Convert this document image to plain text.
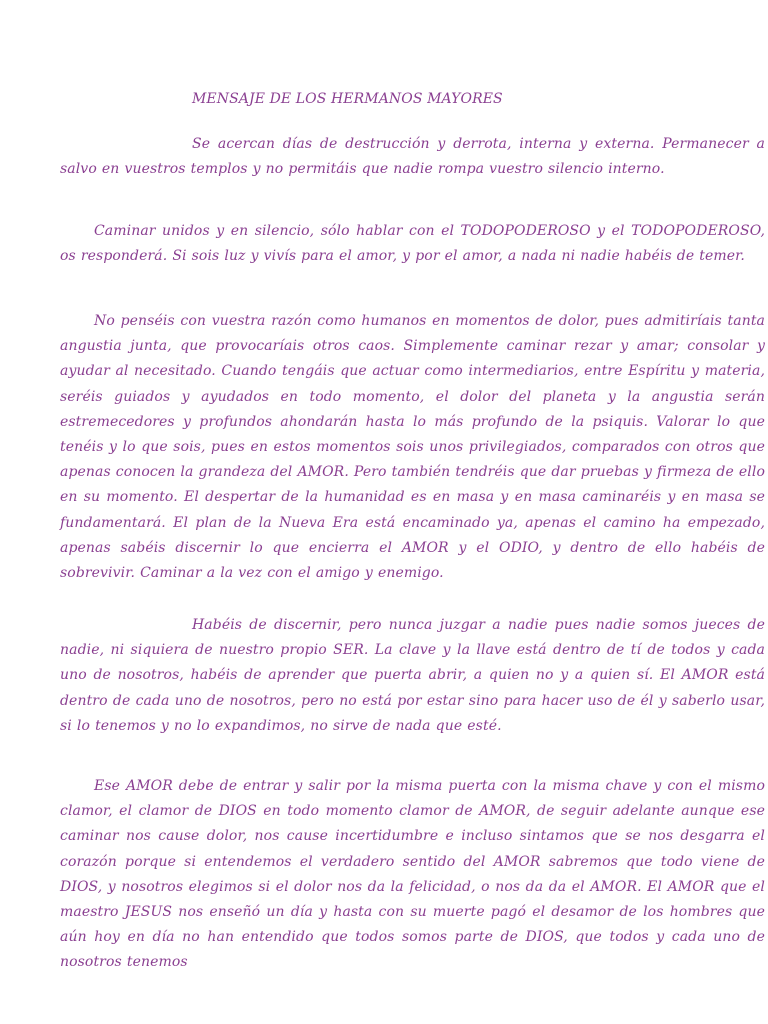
MENSAJE DE LOS HERMANOS MAYORES

Se acercan días de destrucción y derrota, interna y externa. Permanecer a salvo en vuestros templos y no permitáis que nadie rompa vuestro silencio interno.

Caminar unidos y en silencio, sólo hablar con el TODOPODEROSO y el TODOPODEROSO, os responderá. Si sois luz y vivís para el amor, y por el amor, a nada ni nadie habéis de temer.

No penséis con vuestra razón como humanos en momentos de dolor, pues admitiríais tanta angustia junta, que provocaríais otros caos. Simplemente caminar rezar y amar; consolar y ayudar al necesitado. Cuando tengáis que actuar como intermediarios, entre Espíritu y materia, seréis guiados y ayudados en todo momento, el dolor del planeta y la angustia serán estremecedores y profundos ahondarán hasta lo más profundo de la psiquis. Valorar lo que tenéis y lo que sois, pues en estos momentos sois unos privilegiados, comparados con otros que apenas conocen la grandeza del AMOR. Pero también tendréis que dar pruebas y firmeza de ello en su momento. El despertar de la humanidad es en masa y en masa caminaréis y en masa se fundamentará. El plan de la Nueva Era está encaminado ya, apenas el camino ha empezado, apenas sabéis discernir lo que encierra el AMOR y el ODIO, y dentro de ello habéis de sobrevivir. Caminar a la vez con el amigo y enemigo.

Habéis de discernir, pero nunca juzgar a nadie pues nadie somos jueces de nadie, ni siquiera de nuestro propio SER. La clave y la llave está dentro de tí de todos y cada uno de nosotros, habéis de aprender que puerta abrir, a quien no y a quien sí. El AMOR está dentro de cada uno de nosotros, pero no está por estar sino para hacer uso de él y saberlo usar, si lo tenemos y no lo expandimos, no sirve de nada que esté.

Ese AMOR debe de entrar y salir por la misma puerta con la misma chave y con el mismo clamor, el clamor de DIOS en todo momento clamor de AMOR, de seguir adelante aunque ese caminar nos cause dolor, nos cause incertidumbre e incluso sintamos que se nos desgarra el corazón porque si entendemos el verdadero sentido del AMOR sabremos que todo viene de DIOS, y nosotros elegimos si el dolor nos da la felicidad, o nos da da el AMOR. El AMOR que el maestro JESUS nos enseñó un día y hasta con su muerte pagó el desamor de los hombres que aún hoy en día no han entendido que todos somos parte de DIOS, que todos y cada uno de nosotros tenemos
